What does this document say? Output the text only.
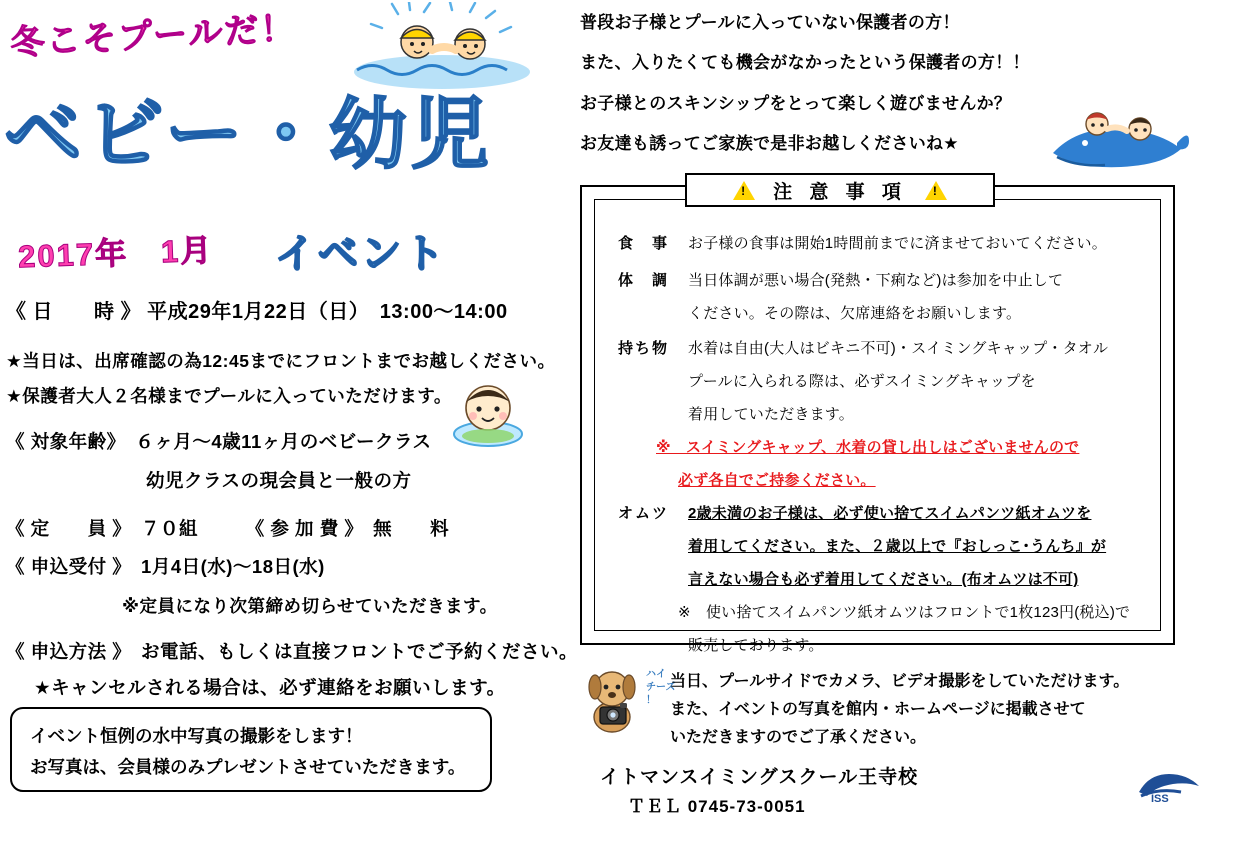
冬こそプールだ！
ベビー・幼児
2017年　1月 イベント
《 日　　時 》 平成29年1月22日（日）　13:00〜14:00
★当日は、出席確認の為12:45までにフロントまでお越しください。
★保護者大人２名様までプールに入っていただけます。
《 対象年齢》　６ヶ月〜4歳11ヶ月のベビークラス
幼児クラスの現会員と一般の方
《 定　　員 》　７０組　　　《 参 加 費 》　無　　料
《 申込受付 》　1月4日(水)〜18日(水)
※定員になり次第締め切らせていただきます。
《 申込方法 》　お電話、もしくは直接フロントでご予約ください。
★キャンセルされる場合は、必ず連絡をお願いします。
イベント恒例の水中写真の撮影をします！
お写真は、会員様のみプレゼントさせていただきます。
普段お子様とプールに入っていない保護者の方！
また、入りたくても機会がなかったという保護者の方！！
お子様とのスキンシップをとって楽しく遊びませんか？
お友達も誘ってご家族で是非お越しくださいね★
!
注 意 事 項
!
食　事 お子様の食事は開始1時間前までに済ませておいてください。
体　調 当日体調が悪い場合(発熱・下痢など)は参加を中止して
ください。その際は、欠席連絡をお願いします。
持ち物 水着は自由(大人はビキニ不可)・スイミングキャップ・タオル
プールに入られる際は、必ずスイミングキャップを
着用していただきます。
※　スイミングキャップ、水着の貸し出しはございませんので
必ず各自でご持参ください。
オムツ 2歳未満のお子様は、必ず使い捨てスイムパンツ紙オムツを
着用してください。また、２歳以上で『おしっこ･うんち』が
言えない場合も必ず着用してください。(布オムツは不可)
※　使い捨てスイムパンツ紙オムツはフロントで1枚123円(税込)で
販売しております。
ハイ
チーズ
！
当日、プールサイドでカメラ、ビデオ撮影をしていただけます。
また、イベントの写真を館内・ホームページに掲載させて
いただきますのでご了承ください。
ISS
イトマンスイミングスクール王寺校
ＴＥＬ 0745-73-0051
